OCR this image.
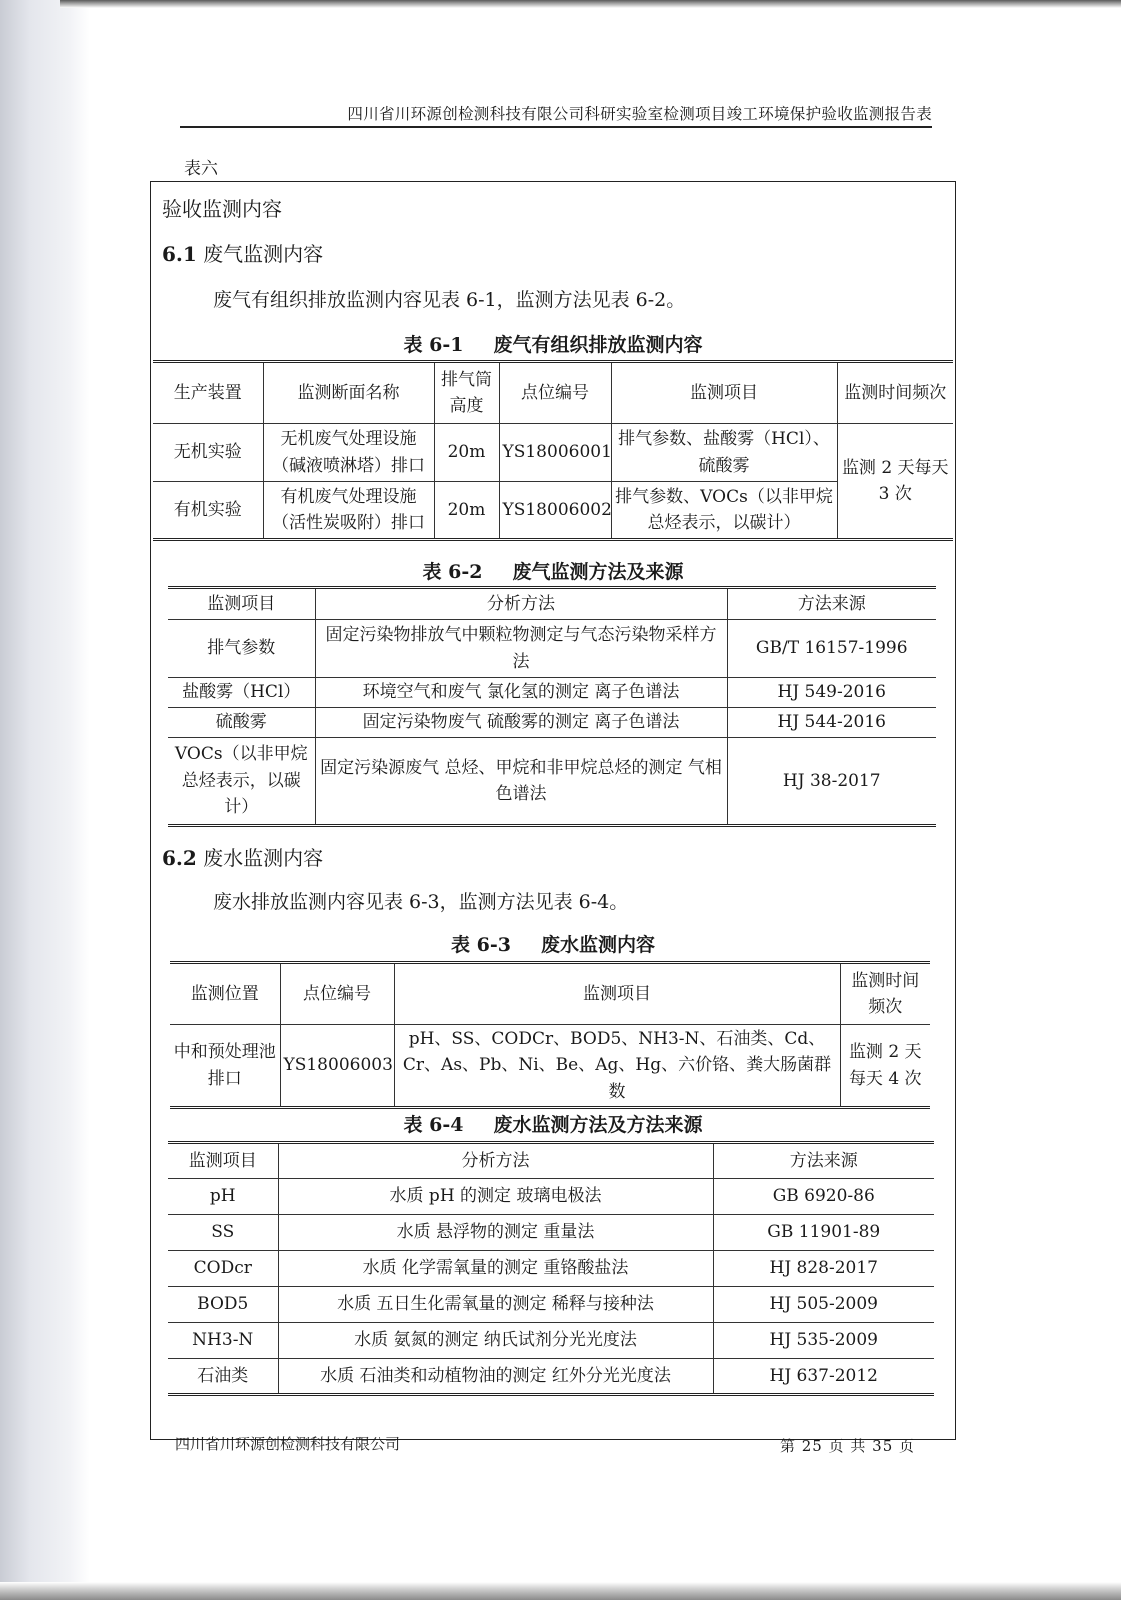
四川省川环源创检测科技有限公司科研实验室检测项目竣工环境保护验收监测报告表
表六
验收监测内容
6.1 废气监测内容
废气有组织排放监测内容见表 6-1，监测方法见表 6-2。
表 6-1 废气有组织排放监测内容
生产装置	监测断面名称	排气筒高度	点位编号	监测项目	监测时间频次
无机实验	无机废气处理设施（碱液喷淋塔）排口	20m	YS18006001	排气参数、盐酸雾（HCl）、硫酸雾	监测 2 天每天 3 次
有机实验	有机废气处理设施（活性炭吸附）排口	20m	YS18006002	排气参数、VOCs（以非甲烷总烃表示，以碳计）	
表 6-2 废气监测方法及来源
监测项目	分析方法	方法来源
排气参数	固定污染物排放气中颗粒物测定与气态污染物采样方法	GB/T 16157-1996
盐酸雾（HCl）	环境空气和废气 氯化氢的测定 离子色谱法	HJ 549-2016
硫酸雾	固定污染物废气 硫酸雾的测定 离子色谱法	HJ 544-2016
VOCs（以非甲烷总烃表示，以碳计）	固定污染源废气 总烃、甲烷和非甲烷总烃的测定 气相色谱法	HJ 38-2017
6.2 废水监测内容
废水排放监测内容见表 6-3，监测方法见表 6-4。
表 6-3 废水监测内容
监测位置	点位编号	监测项目	监测时间频次
中和预处理池排口	YS18006003	pH、SS、CODCr、BOD5、NH3-N、石油类、Cd、Cr、As、Pb、Ni、Be、Ag、Hg、六价铬、粪大肠菌群数	监测 2 天每天 4 次
表 6-4 废水监测方法及方法来源
监测项目	分析方法	方法来源
pH	水质 pH 的测定 玻璃电极法	GB 6920-86
SS	水质 悬浮物的测定 重量法	GB 11901-89
CODcr	水质 化学需氧量的测定 重铬酸盐法	HJ 828-2017
BOD5	水质 五日生化需氧量的测定 稀释与接种法	HJ 505-2009
NH3-N	水质 氨氮的测定 纳氏试剂分光光度法	HJ 535-2009
石油类	水质 石油类和动植物油的测定 红外分光光度法	HJ 637-2012
四川省川环源创检测科技有限公司	第 25 页 共 35 页
